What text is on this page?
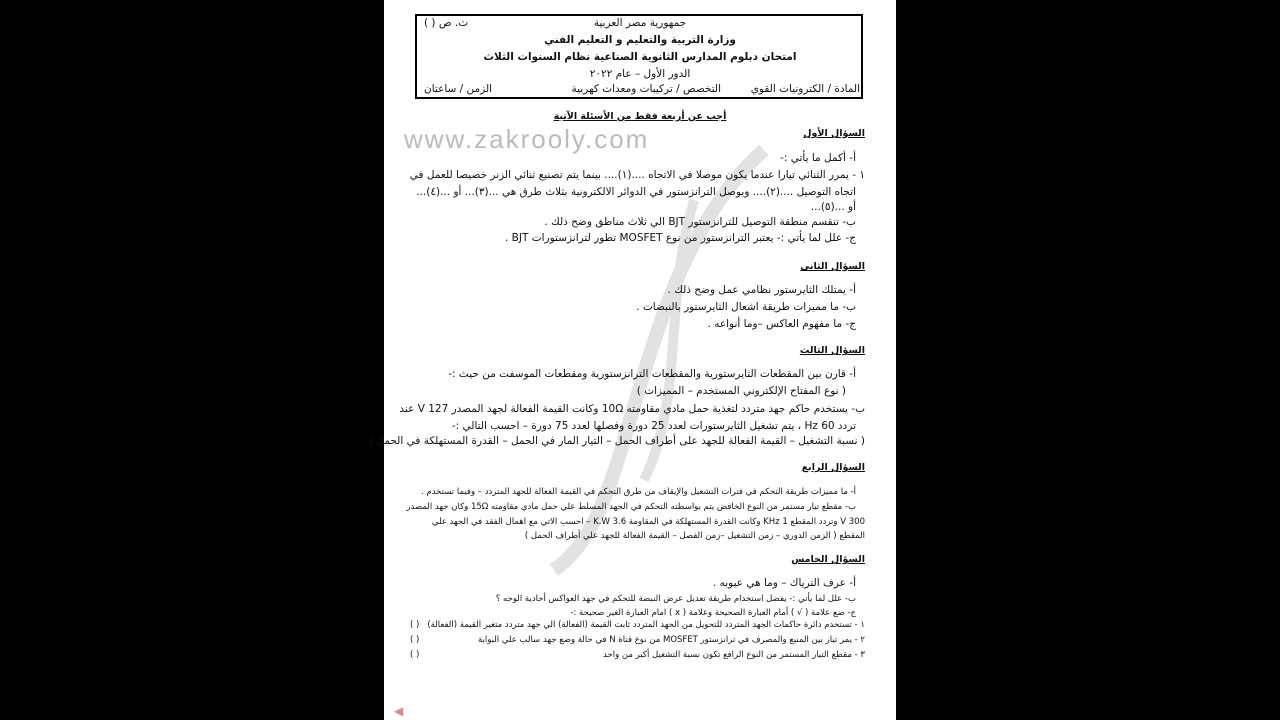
www.zakrooly.com
جمهورية مصر العربية
ث. ص ( )
وزارة التربية والتعليم و التعليم الفني
امتحان دبلوم المدارس الثانوية الصناعية نظام السنوات الثلاث
الدور الأول – عام ٢٠٢٢
المادة / الكترونيات القوي
التخصص / تركيبات ومعدات كهربية
الزمن / ساعتان
أجب عن أربعة فقط من الأسئلة الآتية
السؤال الأول
أ- أكمل ما يأتي :-
١ - يمرر الثنائي تيارا عندما يكون موصلا في الاتجاه ....(١).... بينما يتم تصنيع ثنائي الزنر خصيصا للعمل في
اتجاه التوصيل ....(٢).... ويوصل الترانزستور في الدوائر الالكترونية بثلاث طرق هي ...(٣)... أو ...(٤)...
أو ...(٥)...
ب- تنقسم منطقة التوصيل للترانزستور BJT الي ثلاث مناطق وضح ذلك .
ج- علل لما يأتي :- يعتبر الترانزستور من نوع MOSFET تطور لترانزستورات BJT .
السؤال الثاني
أ- يمتلك الثايرستور نظامي عمل وضح ذلك .
ب- ما مميزات طريقة اشعال الثايرستور بالنبضات .
ج- ما مفهوم العاكس –وما أنواعه .
السؤال الثالث
أ- قارن بين المقطعات الثايرستورية والمقطعات الترانزستورية ومقطعات الموسفت من حيث :-
( نوع المفتاح الإلكتروني المستخدم – المميزات )
ب- يستخدم حاكم جهد متردد لتغذية حمل مادي مقاومته 10Ω وكانت القيمة الفعالة لجهد المصدر 127 V عند
تردد 60 Hz ، يتم تشغيل الثايرستورات لعدد 25 دورة وفصلها لعدد 75 دورة – احسب التالي :-
( نسبة التشغيل – القيمة الفعالة للجهد على أطراف الحمل – التيار المار في الحمل – القدرة المستهلكة في الحمل )
السؤال الرابع
أ- ما مميزات طريقة التحكم في فترات التشغيل والإيقاف من طرق التحكم في القيمة الفعالة للجهد المتردد – وفيما تستخدم .
ب- مقطع تيار مستمر من النوع الخافض يتم بواسطته التحكم في الجهد المسلط علي حمل مادي مقاومته 15Ω وكان جهد المصدر
300 V وتردد المقطع 1 KHz وكانت القدرة المستهلكة في المقاومة 3.6 K.W – احسب الاتي مع اهمال الفقد في الجهد علي
المقطع ( الزمن الدوري – زمن التشغيل –زمن الفصل – القيمة الفعالة للجهد علي أطراف الحمل )
السؤال الخامس
أ- عرف الترياك – وما هي عيوبه .
ب- علل لما يأتي :- يفضل استخدام طريقة تعديل عرض النبضة للتحكم في جهد العواكس أحادية الوجه ؟
ج- ضع علامة ( √ ) أمام العبارة الصحيحة وعلامة ( x ) امام العبارة الغير صحيحة :-
١ - تستخدم دائرة حاكمات الجهد المتردد للتحويل من الجهد المتردد ثابت القيمة (الفعالة) الي جهد متردد متغير القيمة (الفعالة)
( )
٢ - يمر تيار بين المنبع والمصرف في ترانزستور MOSFET من نوع قناة N في حالة وضع جهد سالب علي البوابة
( )
٣ - مقطع التيار المستمر من النوع الرافع تكون نسبة التشغيل أكبر من واحد
( )
◀
